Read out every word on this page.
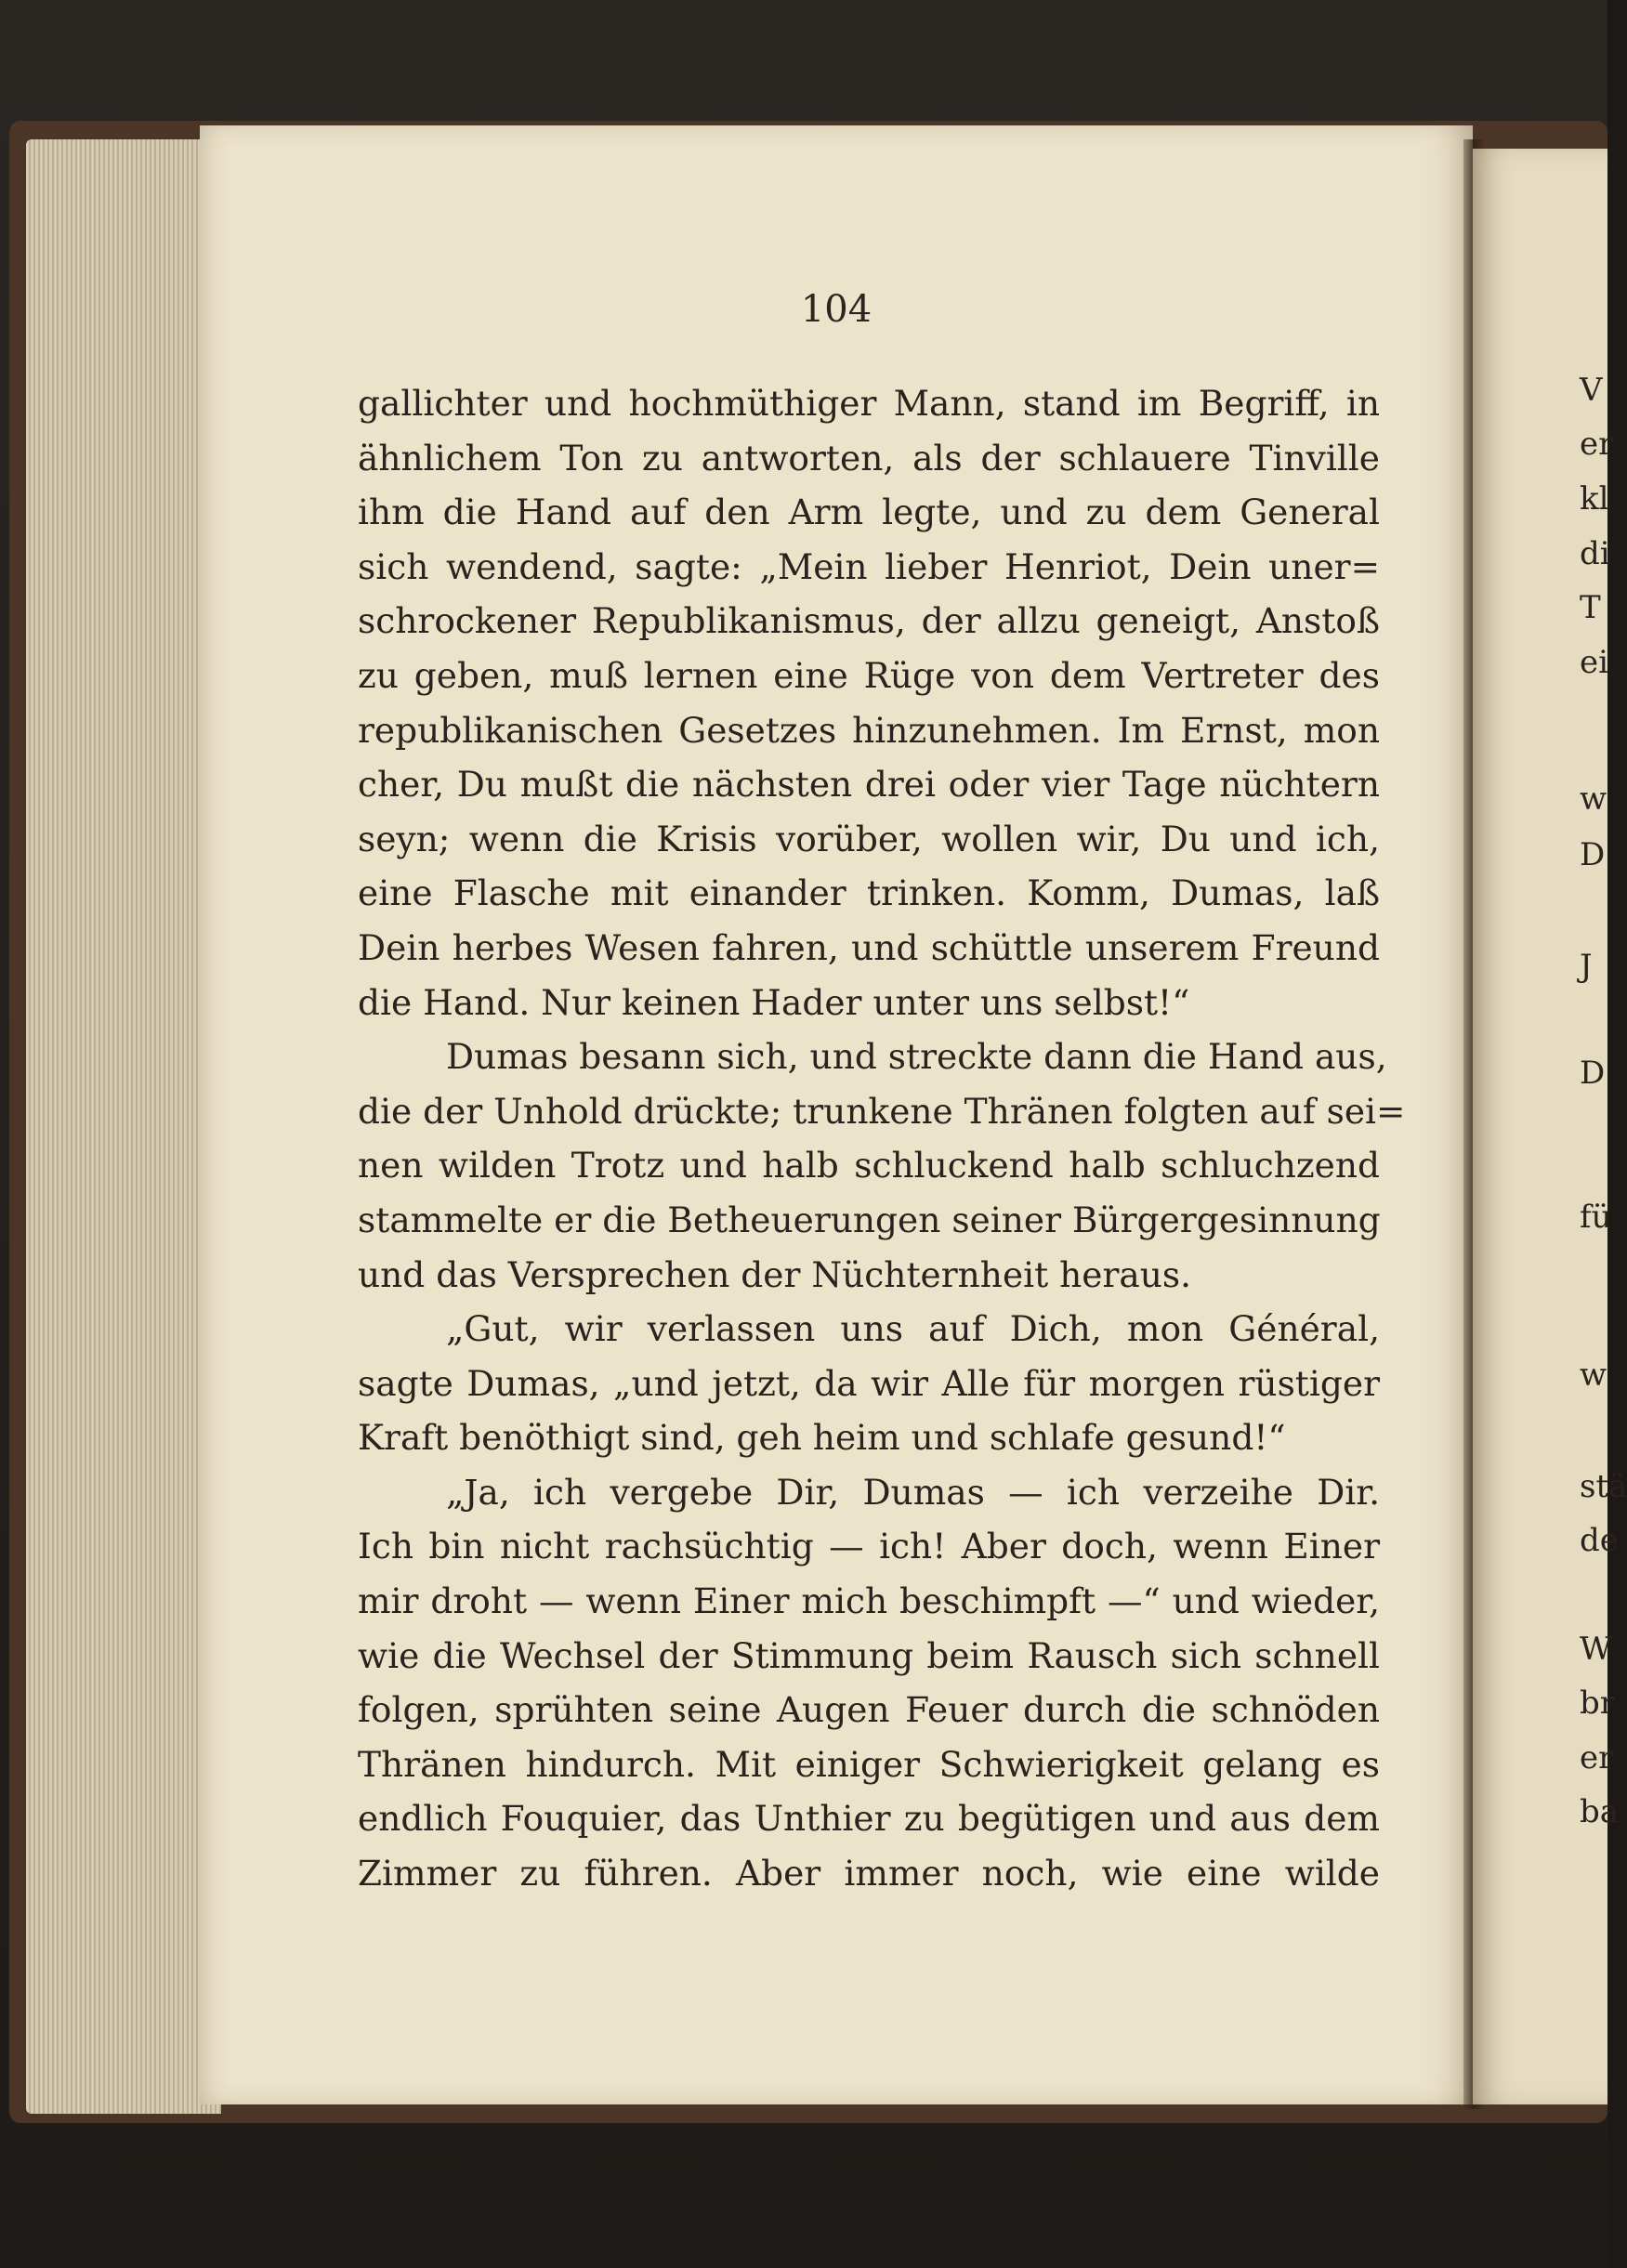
104
gallichter und hochmüthiger Mann, stand im Begriff, in
ähnlichem Ton zu antworten, als der schlauere Tinville
ihm die Hand auf den Arm legte, und zu dem General
sich wendend, sagte: „Mein lieber Henriot, Dein uner=
schrockener Republikanismus, der allzu geneigt, Anstoß
zu geben, muß lernen eine Rüge von dem Vertreter des
republikanischen Gesetzes hinzunehmen. Im Ernst, mon
cher, Du mußt die nächsten drei oder vier Tage nüchtern
seyn; wenn die Krisis vorüber, wollen wir, Du und ich,
eine Flasche mit einander trinken. Komm, Dumas, laß
Dein herbes Wesen fahren, und schüttle unserem Freund
die Hand. Nur keinen Hader unter uns selbst!“
Dumas besann sich, und streckte dann die Hand aus,
die der Unhold drückte; trunkene Thränen folgten auf sei=
nen wilden Trotz und halb schluckend halb schluchzend
stammelte er die Betheuerungen seiner Bürgergesinnung
und das Versprechen der Nüchternheit heraus.
„Gut, wir verlassen uns auf Dich, mon Général,
sagte Dumas, „und jetzt, da wir Alle für morgen rüstiger
Kraft benöthigt sind, geh heim und schlafe gesund!“
„Ja, ich vergebe Dir, Dumas — ich verzeihe Dir.
Ich bin nicht rachsüchtig — ich! Aber doch, wenn Einer
mir droht — wenn Einer mich beschimpft —“ und wieder,
wie die Wechsel der Stimmung beim Rausch sich schnell
folgen, sprühten seine Augen Feuer durch die schnöden
Thränen hindurch. Mit einiger Schwierigkeit gelang es
endlich Fouquier, das Unthier zu begütigen und aus dem
Zimmer zu führen. Aber immer noch, wie eine wilde
V
er
kl
di
T
ei
w
D
J
D
fü
w
stä
de
W
br
er
ba
